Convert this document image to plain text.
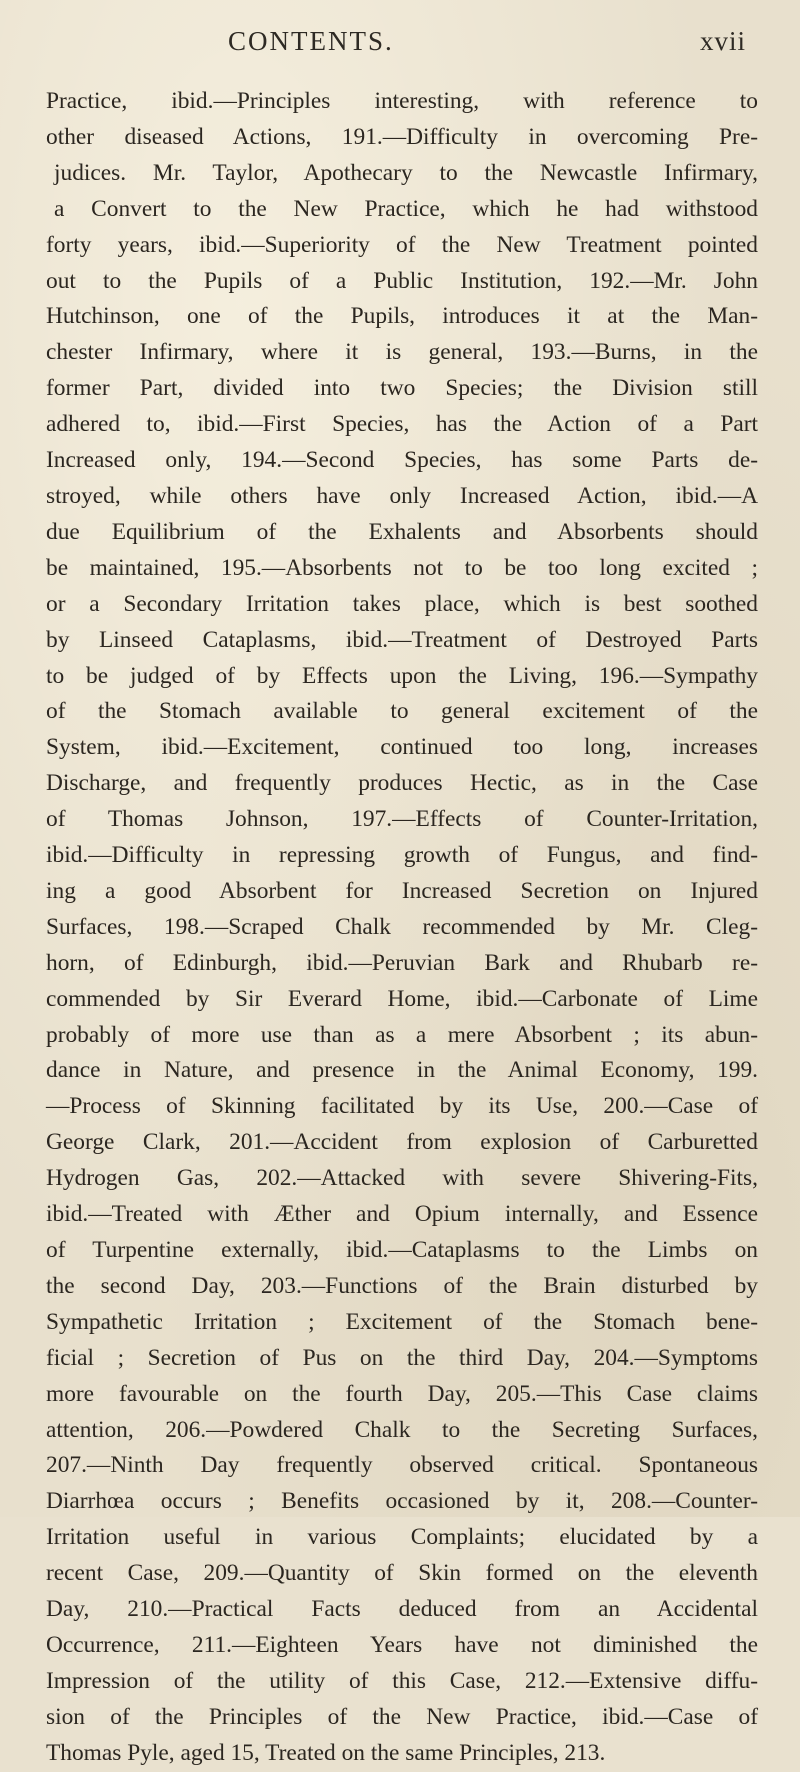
CONTENTS.	xvii
Practice, ibid.—Principles interesting, with reference to
other diseased Actions, 191.—Difficulty in overcoming Pre-
judices. Mr. Taylor, Apothecary to the Newcastle Infirmary,
a Convert to the New Practice, which he had withstood
forty years, ibid.—Superiority of the New Treatment pointed
out to the Pupils of a Public Institution, 192.—Mr. John
Hutchinson, one of the Pupils, introduces it at the Man-
chester Infirmary, where it is general, 193.—Burns, in the
former Part, divided into two Species; the Division still
adhered to, ibid.—First Species, has the Action of a Part
Increased only, 194.—Second Species, has some Parts de-
stroyed, while others have only Increased Action, ibid.—A
due Equilibrium of the Exhalents and Absorbents should
be maintained, 195.—Absorbents not to be too long excited ;
or a Secondary Irritation takes place, which is best soothed
by Linseed Cataplasms, ibid.—Treatment of Destroyed Parts
to be judged of by Effects upon the Living, 196.—Sympathy
of the Stomach available to general excitement of the
System, ibid.—Excitement, continued too long, increases
Discharge, and frequently produces Hectic, as in the Case
of Thomas Johnson, 197.—Effects of Counter-Irritation,
ibid.—Difficulty in repressing growth of Fungus, and find-
ing a good Absorbent for Increased Secretion on Injured
Surfaces, 198.—Scraped Chalk recommended by Mr. Cleg-
horn, of Edinburgh, ibid.—Peruvian Bark and Rhubarb re-
commended by Sir Everard Home, ibid.—Carbonate of Lime
probably of more use than as a mere Absorbent ; its abun-
dance in Nature, and presence in the Animal Economy, 199.
—Process of Skinning facilitated by its Use, 200.—Case of
George Clark, 201.—Accident from explosion of Carburetted
Hydrogen Gas, 202.—Attacked with severe Shivering-Fits,
ibid.—Treated with Æther and Opium internally, and Essence
of Turpentine externally, ibid.—Cataplasms to the Limbs on
the second Day, 203.—Functions of the Brain disturbed by
Sympathetic Irritation ; Excitement of the Stomach bene-
ficial ; Secretion of Pus on the third Day, 204.—Symptoms
more favourable on the fourth Day, 205.—This Case claims
attention, 206.—Powdered Chalk to the Secreting Surfaces,
207.—Ninth Day frequently observed critical. Spontaneous
Diarrhœa occurs ; Benefits occasioned by it, 208.—Counter-
Irritation useful in various Complaints; elucidated by a
recent Case, 209.—Quantity of Skin formed on the eleventh
Day, 210.—Practical Facts deduced from an Accidental
Occurrence, 211.—Eighteen Years have not diminished the
Impression of the utility of this Case, 212.—Extensive diffu-
sion of the Principles of the New Practice, ibid.—Case of
Thomas Pyle, aged 15, Treated on the same Principles, 213.
